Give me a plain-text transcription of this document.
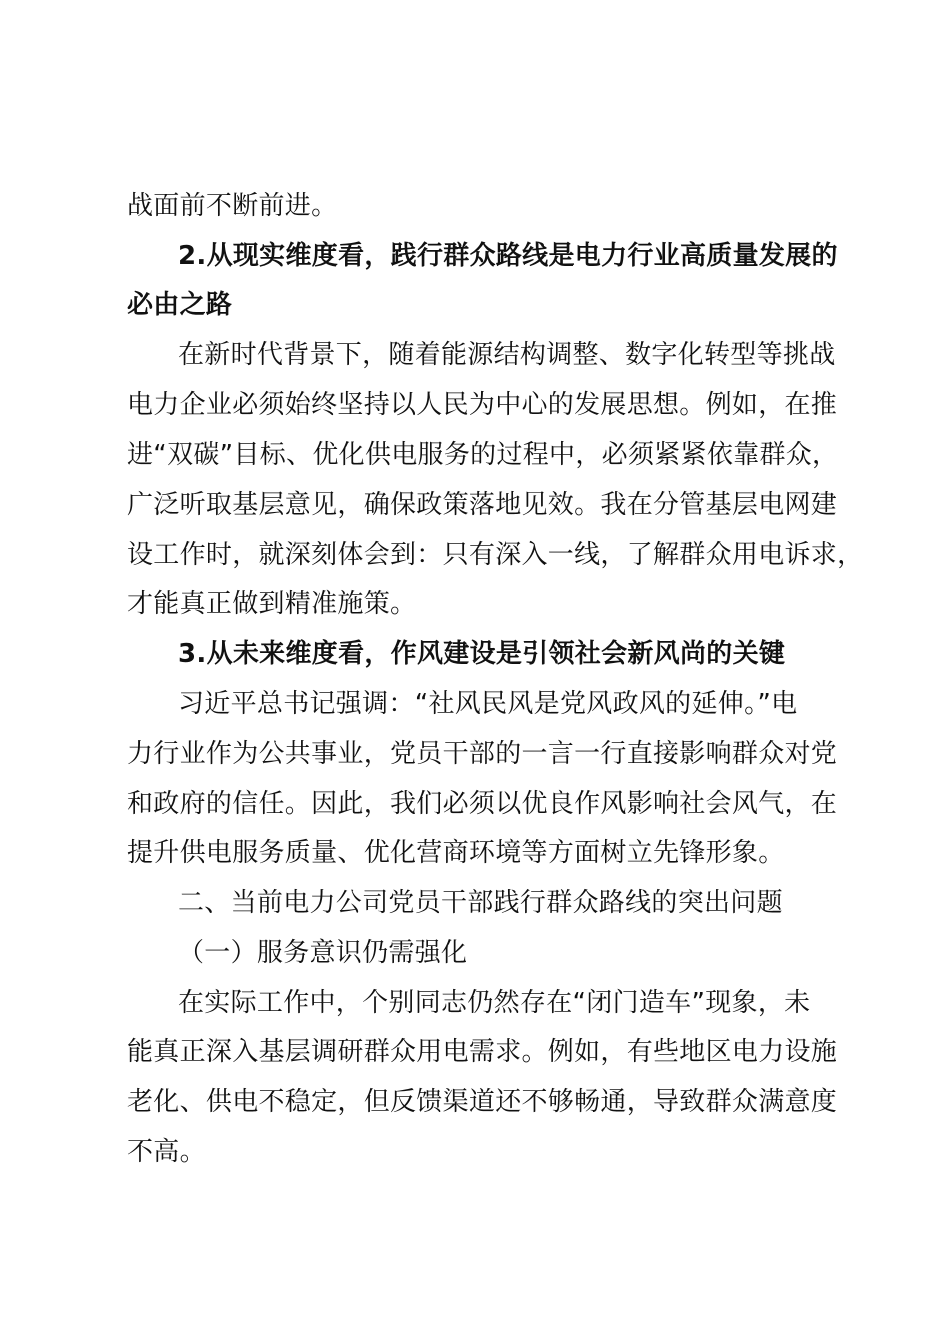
战面前不断前进。
2.从现实维度看，践行群众路线是电力行业高质量发展的
必由之路
在新时代背景下，随着能源结构调整、数字化转型等挑战
电力企业必须始终坚持以人民为中心的发展思想。例如，在推
进“双碳”目标、优化供电服务的过程中，必须紧紧依靠群众，
广泛听取基层意见，确保政策落地见效。我在分管基层电网建
设工作时，就深刻体会到：只有深入一线，了解群众用电诉求，
才能真正做到精准施策。
3.从未来维度看，作风建设是引领社会新风尚的关键
习近平总书记强调：“社风民风是党风政风的延伸。”电
力行业作为公共事业，党员干部的一言一行直接影响群众对党
和政府的信任。因此，我们必须以优良作风影响社会风气，在
提升供电服务质量、优化营商环境等方面树立先锋形象。
二、当前电力公司党员干部践行群众路线的突出问题
（一）服务意识仍需强化
在实际工作中，个别同志仍然存在“闭门造车”现象，未
能真正深入基层调研群众用电需求。例如，有些地区电力设施
老化、供电不稳定，但反馈渠道还不够畅通，导致群众满意度
不高。
